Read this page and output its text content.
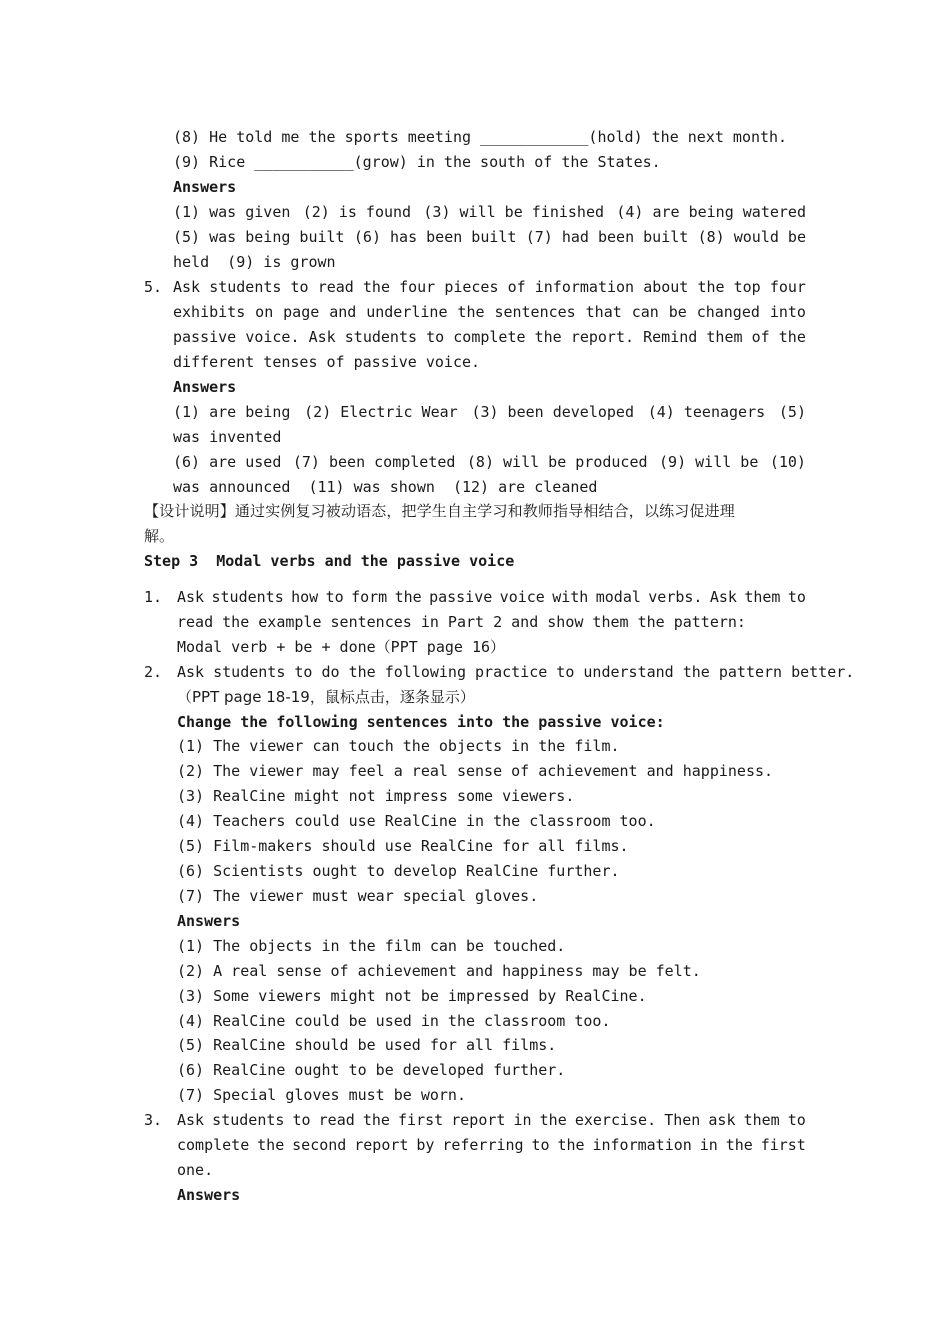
(8) He told me the sports meeting ____________(hold) the next month.
(9) Rice ___________(grow) in the south of the States.
Answers
(1) was given (2) is found (3) will be finished (4) are being watered
(5) was being built (6) has been built (7) had been built (8) would be
held  (9) is grown
5. Ask students to read the four pieces of information about the top four
exhibits on page and underline the sentences that can be changed into
passive voice. Ask students to complete the report. Remind them of the
different tenses of passive voice.
Answers
(1) are being (2) Electric Wear (3) been developed (4) teenagers (5)
was invented
(6) are used (7) been completed (8) will be produced (9) will be (10)
was announced  (11) was shown  (12) are cleaned
【设计说明】通过实例复习被动语态，把学生自主学习和教师指导相结合，以练习促进理
解。
Step 3  Modal verbs and the passive voice
1. Ask students how to form the passive voice with modal verbs. Ask them to
read the example sentences in Part 2 and show them the pattern:
Modal verb + be + done（PPT page 16）
2. Ask students to do the following practice to understand the pattern better.
（PPT page 18-19，鼠标点击，逐条显示）
Change the following sentences into the passive voice:
(1) The viewer can touch the objects in the film.
(2) The viewer may feel a real sense of achievement and happiness.
(3) RealCine might not impress some viewers.
(4) Teachers could use RealCine in the classroom too.
(5) Film-makers should use RealCine for all films.
(6) Scientists ought to develop RealCine further.
(7) The viewer must wear special gloves.
Answers
(1) The objects in the film can be touched.
(2) A real sense of achievement and happiness may be felt.
(3) Some viewers might not be impressed by RealCine.
(4) RealCine could be used in the classroom too.
(5) RealCine should be used for all films.
(6) RealCine ought to be developed further.
(7) Special gloves must be worn.
3. Ask students to read the first report in the exercise. Then ask them to
complete the second report by referring to the information in the first
one.
Answers
